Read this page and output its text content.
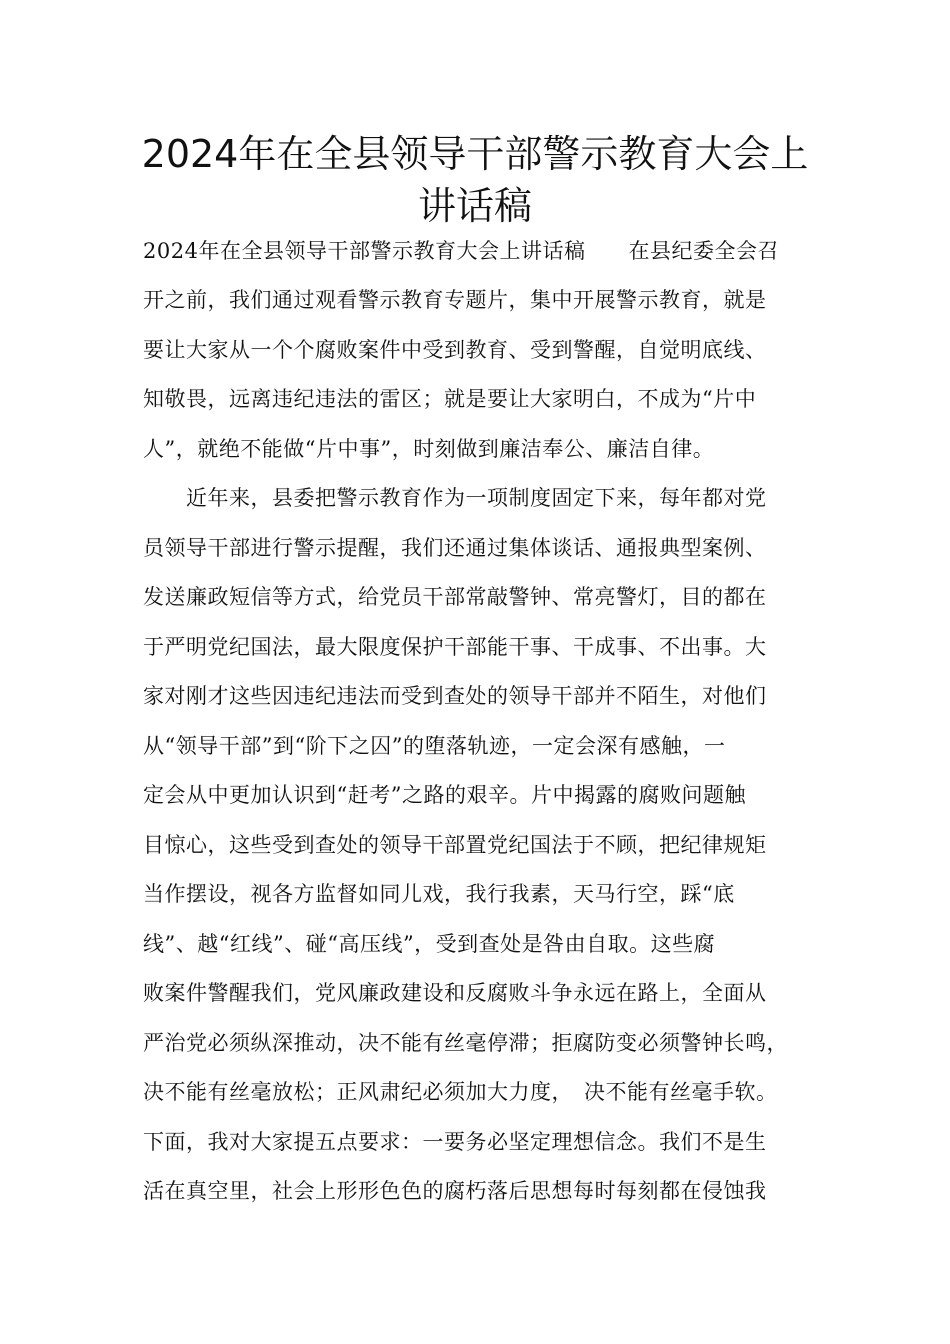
2024年在全县领导干部警示教育大会上
讲话稿
2024年在全县领导干部警示教育大会上讲话稿　　在县纪委全会召
开之前，我们通过观看警示教育专题片，集中开展警示教育，就是
要让大家从一个个腐败案件中受到教育、受到警醒，自觉明底线、
知敬畏，远离违纪违法的雷区；就是要让大家明白，不成为“片中
人”，就绝不能做“片中事”，时刻做到廉洁奉公、廉洁自律。
　　近年来，县委把警示教育作为一项制度固定下来，每年都对党
员领导干部进行警示提醒，我们还通过集体谈话、通报典型案例、
发送廉政短信等方式，给党员干部常敲警钟、常亮警灯，目的都在
于严明党纪国法，最大限度保护干部能干事、干成事、不出事。大
家对刚才这些因违纪违法而受到查处的领导干部并不陌生，对他们
从“领导干部”到“阶下之囚”的堕落轨迹，一定会深有感触，一
定会从中更加认识到“赶考”之路的艰辛。片中揭露的腐败问题触
目惊心，这些受到查处的领导干部置党纪国法于不顾，把纪律规矩
当作摆设，视各方监督如同儿戏，我行我素，天马行空，踩“底
线”、越“红线”、碰“高压线”，受到查处是咎由自取。这些腐
败案件警醒我们，党风廉政建设和反腐败斗争永远在路上，全面从
严治党必须纵深推动，决不能有丝毫停滞；拒腐防变必须警钟长鸣，
决不能有丝毫放松；正风肃纪必须加大力度，　决不能有丝毫手软。
下面，我对大家提五点要求：一要务必坚定理想信念。我们不是生
活在真空里，社会上形形色色的腐朽落后思想每时每刻都在侵蚀我
